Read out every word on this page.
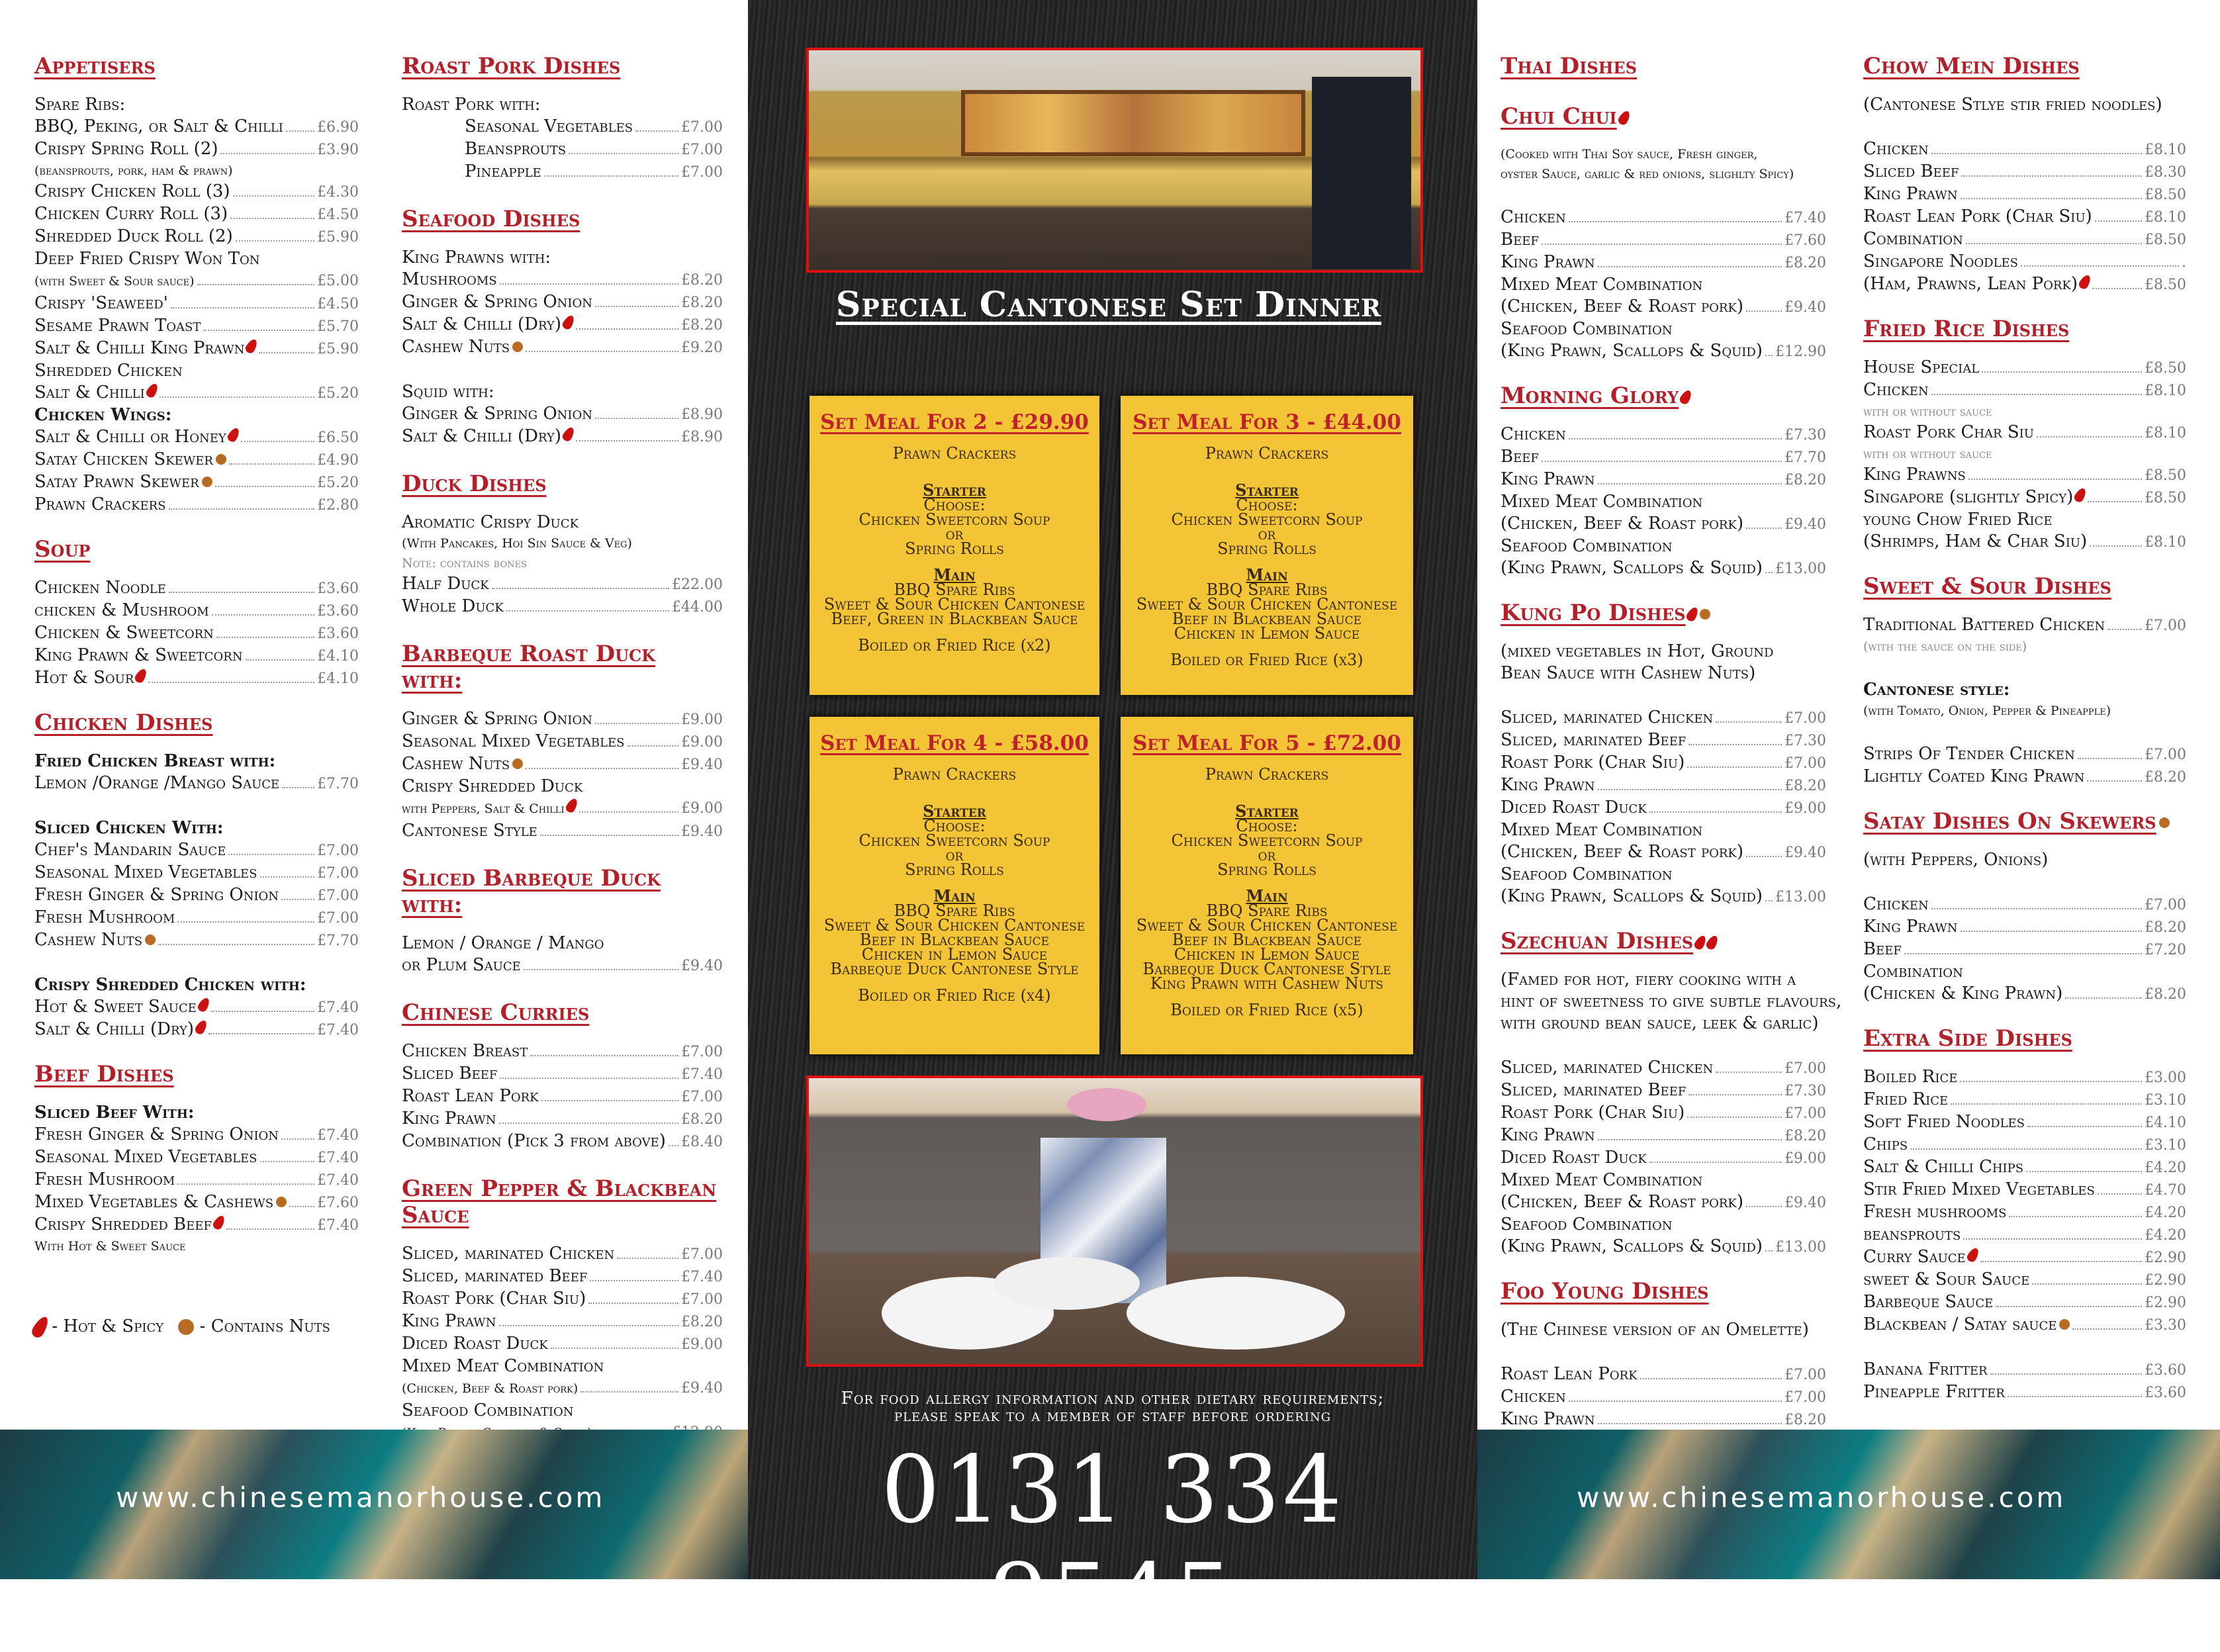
Appetisers
Spare Ribs:
BBQ, Peking, or Salt & Chilli £6.90
Crispy Spring Roll (2)	£3.90
(beansprouts, pork, ham & prawn)
Crispy Chicken Roll (3)	£4.30
Chicken Curry Roll (3)	£4.50
Shredded Duck Roll (2)	£5.90
Deep Fried Crispy Won Ton
(with Sweet & Sour sauce)	£5.00
Crispy 'Seaweed'	£4.50
Sesame Prawn Toast	£5.70
Salt & Chilli King Prawn	£5.90
Shredded Chicken
Salt & Chilli	£5.20
Chicken Wings:
Salt & Chilli or Honey	£6.50
Satay Chicken Skewer	£4.90
Satay Prawn Skewer	£5.20
Prawn Crackers	£2.80
Soup
Chicken Noodle	£3.60
chicken & Mushroom	£3.60
Chicken & Sweetcorn	£3.60
King Prawn & Sweetcorn	£4.10
Hot & Sour	£4.10
Chicken Dishes
Fried Chicken Breast with:
Lemon /Orange /Mango Sauce	£7.70
Sliced Chicken With:
Chef's Mandarin Sauce	£7.00
Seasonal Mixed Vegetables	£7.00
Fresh Ginger & Spring Onion	£7.00
Fresh Mushroom	£7.00
Cashew Nuts	£7.70
Crispy Shredded Chicken with:
Hot & Sweet Sauce	£7.40
Salt & Chilli (Dry)	£7.40
Beef Dishes
Sliced Beef With:
Fresh Ginger & Spring Onion	£7.40
Seasonal Mixed Vegetables	£7.40
Fresh Mushroom	£7.40
Mixed Vegetables & Cashews	£7.60
Crispy Shredded Beef	£7.40
With Hot & Sweet Sauce
Roast Pork Dishes
Roast Pork with:
Seasonal Vegetables	£7.00
Beansprouts	£7.00
Pineapple	£7.00
Seafood Dishes
King Prawns with:
Mushrooms	£8.20
Ginger & Spring Onion	£8.20
Salt & Chilli (Dry)	£8.20
Cashew Nuts	£9.20
Squid with:
Ginger & Spring Onion	£8.90
Salt & Chilli (Dry)	£8.90
Duck Dishes
Aromatic Crispy Duck
(With Pancakes, Hoi Sin Sauce & Veg)
Note: contains bones
Half Duck	£22.00
Whole Duck	£44.00
Barbeque Roast Duck with:
Ginger & Spring Onion	£9.00
Seasonal Mixed Vegetables	£9.00
Cashew Nuts	£9.40
Crispy Shredded Duck
with Peppers, Salt & Chilli	£9.00
Cantonese Style	£9.40
Sliced Barbeque Duck with:
Lemon / Orange / Mango
or Plum Sauce	£9.40
Chinese Curries
Chicken Breast	£7.00
Sliced Beef	£7.40
Roast Lean Pork	£7.00
King Prawn	£8.20
Combination (Pick 3 from above) £8.40
Green Pepper & Blackbean Sauce
Sliced, marinated Chicken	£7.00
Sliced, marinated Beef	£7.40
Roast Pork (Char Siu)	£7.00
King Prawn	£8.20
Diced Roast Duck	£9.00
Mixed Meat Combination
(Chicken, Beef & Roast pork)	£9.40
Seafood Combination
- Hot & Spicy - Contains Nuts
Special Cantonese Set Dinner
Set Meal For 2 - £29.90
Prawn Crackers
Starter
Choose:
Chicken Sweetcorn Soup
or
Spring Rolls
Main
BBQ Spare Ribs
Sweet & Sour Chicken Cantonese
Beef, Green in Blackbean Sauce
Boiled or Fried Rice (x2)
Set Meal For 3 - £44.00
Prawn Crackers
Starter
Choose:
Chicken Sweetcorn Soup
or
Spring Rolls
Main
BBQ Spare Ribs
Sweet & Sour Chicken Cantonese
Beef in Blackbean Sauce
Chicken in Lemon Sauce
Boiled or Fried Rice (x3)
Set Meal For 4 - £58.00
Prawn Crackers
Starter
Choose:
Chicken Sweetcorn Soup
or
Spring Rolls
Main
BBQ Spare Ribs
Sweet & Sour Chicken Cantonese
Beef in Blackbean Sauce
Chicken in Lemon Sauce
Barbeque Duck Cantonese Style
Boiled or Fried Rice (x4)
Set Meal For 5 - £72.00
Prawn Crackers
Starter
Choose:
Chicken Sweetcorn Soup
or
Spring Rolls
Main
BBQ Spare Ribs
Sweet & Sour Chicken Cantonese
Beef in Blackbean Sauce
Chicken in Lemon Sauce
Barbeque Duck Cantonese Style
King Prawn with Cashew Nuts
Boiled or Fried Rice (x5)
Thai Dishes
Chui Chui
(Cooked with Thai Soy sauce, Fresh ginger,
oyster Sauce, garlic & red onions, slighlty Spicy)
Chicken	£7.40
Beef	£7.60
King Prawn	£8.20
Mixed Meat Combination
(Chicken, Beef & Roast pork)	£9.40
Seafood Combination
(King Prawn, Scallops & Squid) £12.90
Morning Glory
Chicken	£7.30
Beef	£7.70
King Prawn	£8.20
Mixed Meat Combination
(Chicken, Beef & Roast pork)	£9.40
Seafood Combination
(King Prawn, Scallops & Squid) £13.00
Kung Po Dishes
(mixed vegetables in Hot, Ground
Bean Sauce with Cashew Nuts)
Sliced, marinated Chicken	£7.00
Sliced, marinated Beef	£7.30
Roast Pork (Char Siu)	£7.00
King Prawn	£8.20
Diced Roast Duck	£9.00
Mixed Meat Combination
(Chicken, Beef & Roast pork)	£9.40
Seafood Combination
(King Prawn, Scallops & Squid) £13.00
Szechuan Dishes
(Famed for hot, fiery cooking with a
hint of sweetness to give subtle flavours,
with ground bean sauce, leek & garlic)
Sliced, marinated Chicken	£7.00
Sliced, marinated Beef	£7.30
Roast Pork (Char Siu)	£7.00
King Prawn	£8.20
Diced Roast Duck	£9.00
Mixed Meat Combination
(Chicken, Beef & Roast pork)	£9.40
Seafood Combination
(King Prawn, Scallops & Squid) £13.00
Foo Young Dishes
(The Chinese version of an Omelette)
Roast Lean Pork	£7.00
Chicken	£7.00
King Prawn	£8.20
Chow Mein Dishes
(Cantonese Stlye stir fried noodles)
Chicken	£8.10
Sliced Beef	£8.30
King Prawn	£8.50
Roast Lean Pork (Char Siu)	£8.10
Combination	£8.50
Singapore Noodles	.
(Ham, Prawns, Lean Pork)	£8.50
Fried Rice Dishes
House Special	£8.50
Chicken	£8.10
with or without sauce
Roast Pork Char Siu	£8.10
with or without sauce
King Prawns	£8.50
Singapore (slightly Spicy)	£8.50
young Chow Fried Rice
(Shrimps, Ham & Char Siu)	£8.10
Sweet & Sour Dishes
Traditional Battered Chicken	£7.00
(with the sauce on the side)
Cantonese style:
(with Tomato, Onion, Pepper & Pineapple)
Strips Of Tender Chicken	£7.00
Lightly Coated King Prawn	£8.20
Satay Dishes On Skewers
(with Peppers, Onions)
Chicken	£7.00
King Prawn	£8.20
Beef	£7.20
Combination
(Chicken & King Prawn)	£8.20
Extra Side Dishes
Boiled Rice	£3.00
Fried Rice	£3.10
Soft Fried Noodles	£4.10
Chips	£3.10
Salt & Chilli Chips	£4.20
Stir Fried Mixed Vegetables	£4.70
Fresh mushrooms	£4.20
beansprouts	£4.20
Curry Sauce	£2.90
sweet & Sour Sauce	£2.90
Barbeque Sauce	£2.90
Blackbean / Satay sauce	£3.30
Banana Fritter	£3.60
Pineapple Fritter	£3.60
www.chinesemanorhouse.com	www.chinesemanorhouse.com
For food allergy information and other dietary requirements;
please speak to a member of staff before ordering
0131 334 9545
